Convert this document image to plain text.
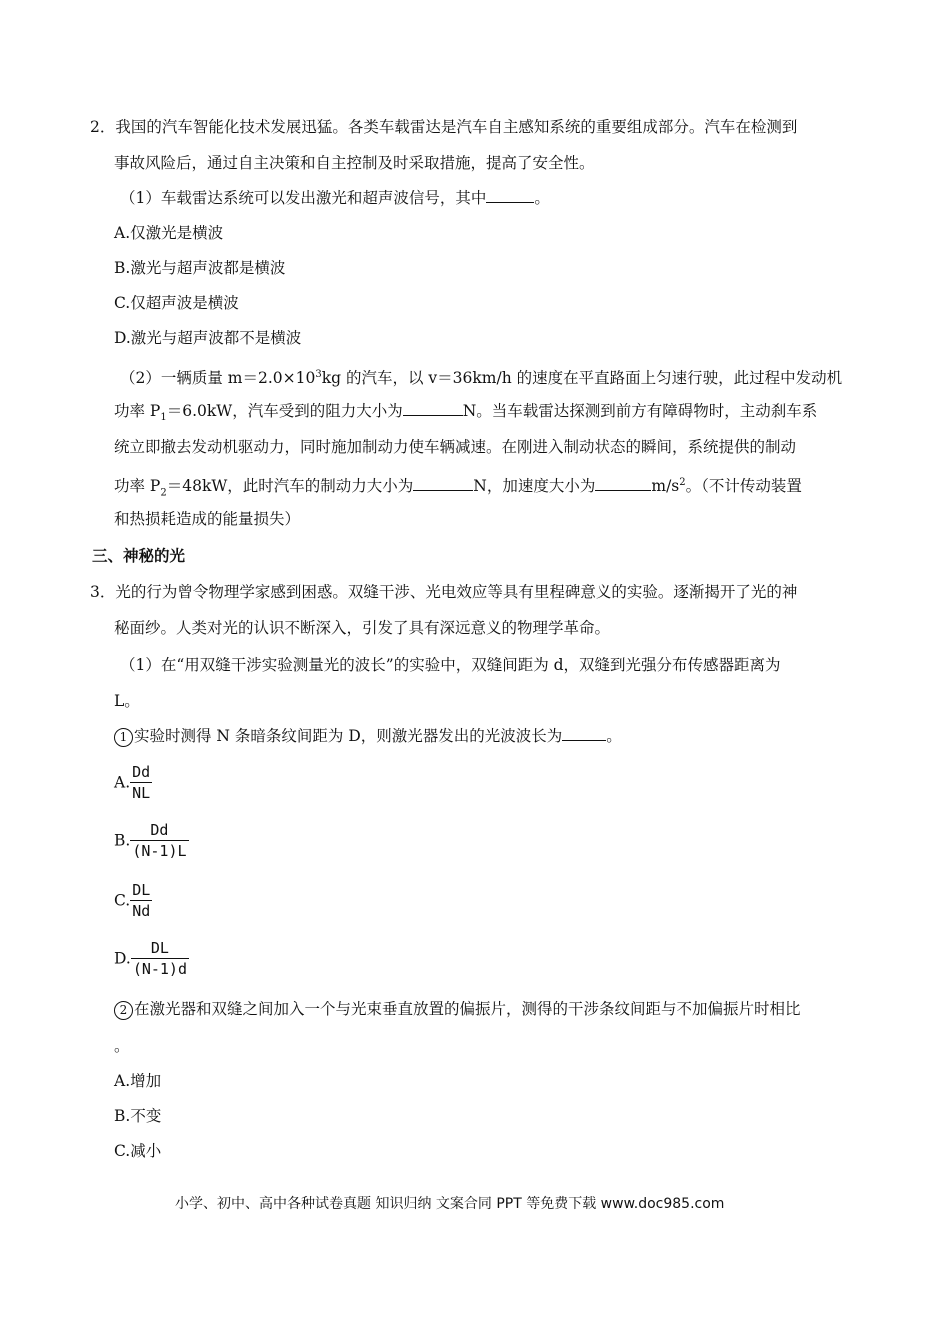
2．我国的汽车智能化技术发展迅猛。各类车载雷达是汽车自主感知系统的重要组成部分。汽车在检测到
事故风险后，通过自主决策和自主控制及时采取措施，提高了安全性。
（1）车载雷达系统可以发出激光和超声波信号，其中	。
A.仅激光是横波
B.激光与超声波都是横波
C.仅超声波是横波
D.激光与超声波都不是横波
（2）一辆质量 $m=2.0\times 10^3kg$ 的汽车，以 v＝36km/h 的速度在平直路面上匀速行驶，此过程中发动机
功率 $P_1=6.0kW$，汽车受到的阻力大小为	N。当车载雷达探测到前方有障碍物时，主动刹车系
统立即撤去发动机驱动力，同时施加制动力使车辆减速。在刚进入制动状态的瞬间，系统提供的制动
功率 $P_2=48kW$，此时汽车的制动力大小为	N，加速度大小为	$m/s^2$。（不计传动装置
和热损耗造成的能量损失）
三、神秘的光
3．光的行为曾令物理学家感到困惑。双缝干涉、光电效应等具有里程碑意义的实验。逐渐揭开了光的神
秘面纱。人类对光的认识不断深入，引发了具有深远意义的物理学革命。
（1）在“用双缝干涉实验测量光的波长”的实验中，双缝间距为 d，双缝到光强分布传感器距离为
L。
1 实验时测得 N 条暗条纹间距为 D，则激光器发出的光波波长为	。
A. $\frac{Dd}{NL}$
B. $\frac{Dd}{(N-1)L}$
C. $\frac{DL}{Nd}$
D. $\frac{DL}{(N-1)d}$
2 在激光器和双缝之间加入一个与光束垂直放置的偏振片，测得的干涉条纹间距与不加偏振片时相比
。
A.增加
B.不变
C.减小
小学、初中、高中各种试卷真题 知识归纳 文案合同 PPT 等免费下载 www.doc985.com
